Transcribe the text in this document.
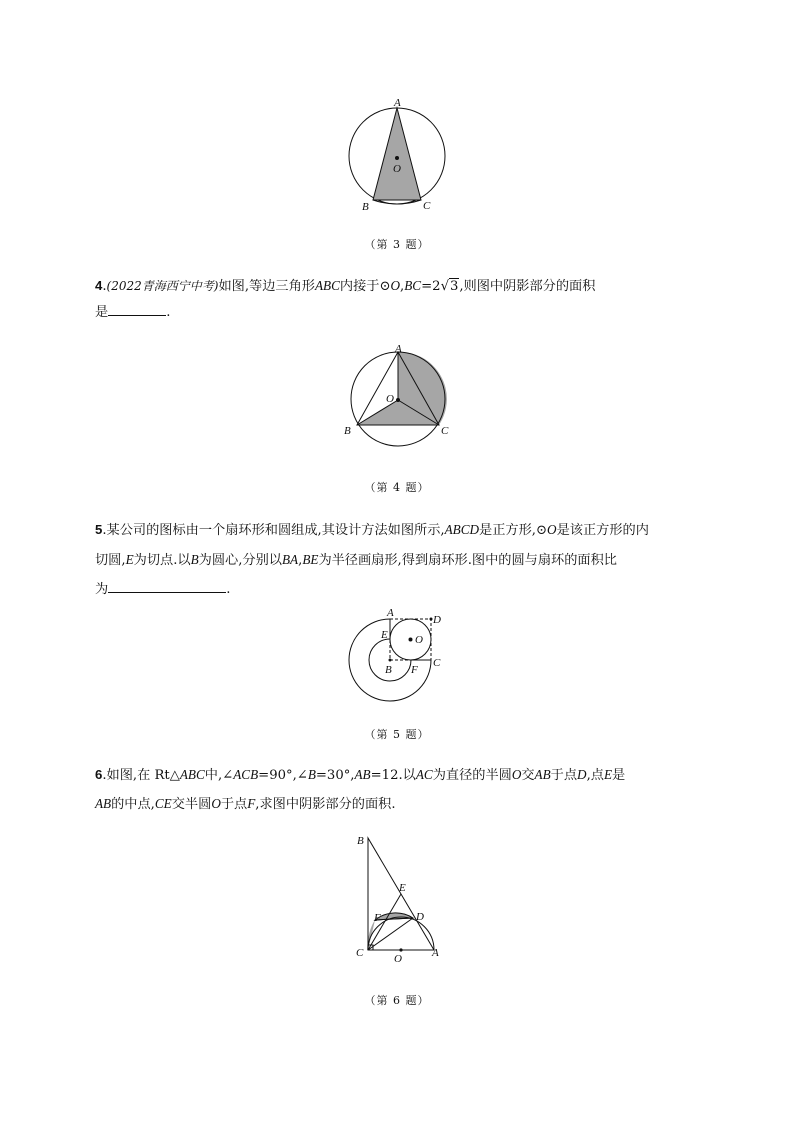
A
O
B	C
（第 3 题）
4.(2022青海西宁中考)如图,等边三角形ABC内接于⊙O,BC=2√3,则图中阴影部分的面积
是	.
A
O
B	C
（第 4 题）
5.某公司的图标由一个扇环形和圆组成,其设计方法如图所示,ABCD是正方形,⊙O是该正方形的内
切圆,E为切点.以B为圆心,分别以BA,BE为半径画扇形,得到扇环形.图中的圆与扇环的面积比
为	.
A
D
E O
C
B F
（第 5 题）
6.如图,在 Rt△ABC中,∠ACB=90°,∠B=30°,AB=12.以AC为直径的半圆O交AB于点D,点E是
AB的中点,CE交半圆O于点F,求图中阴影部分的面积.
B
E
F	D
C	A
O
（第 6 题）
